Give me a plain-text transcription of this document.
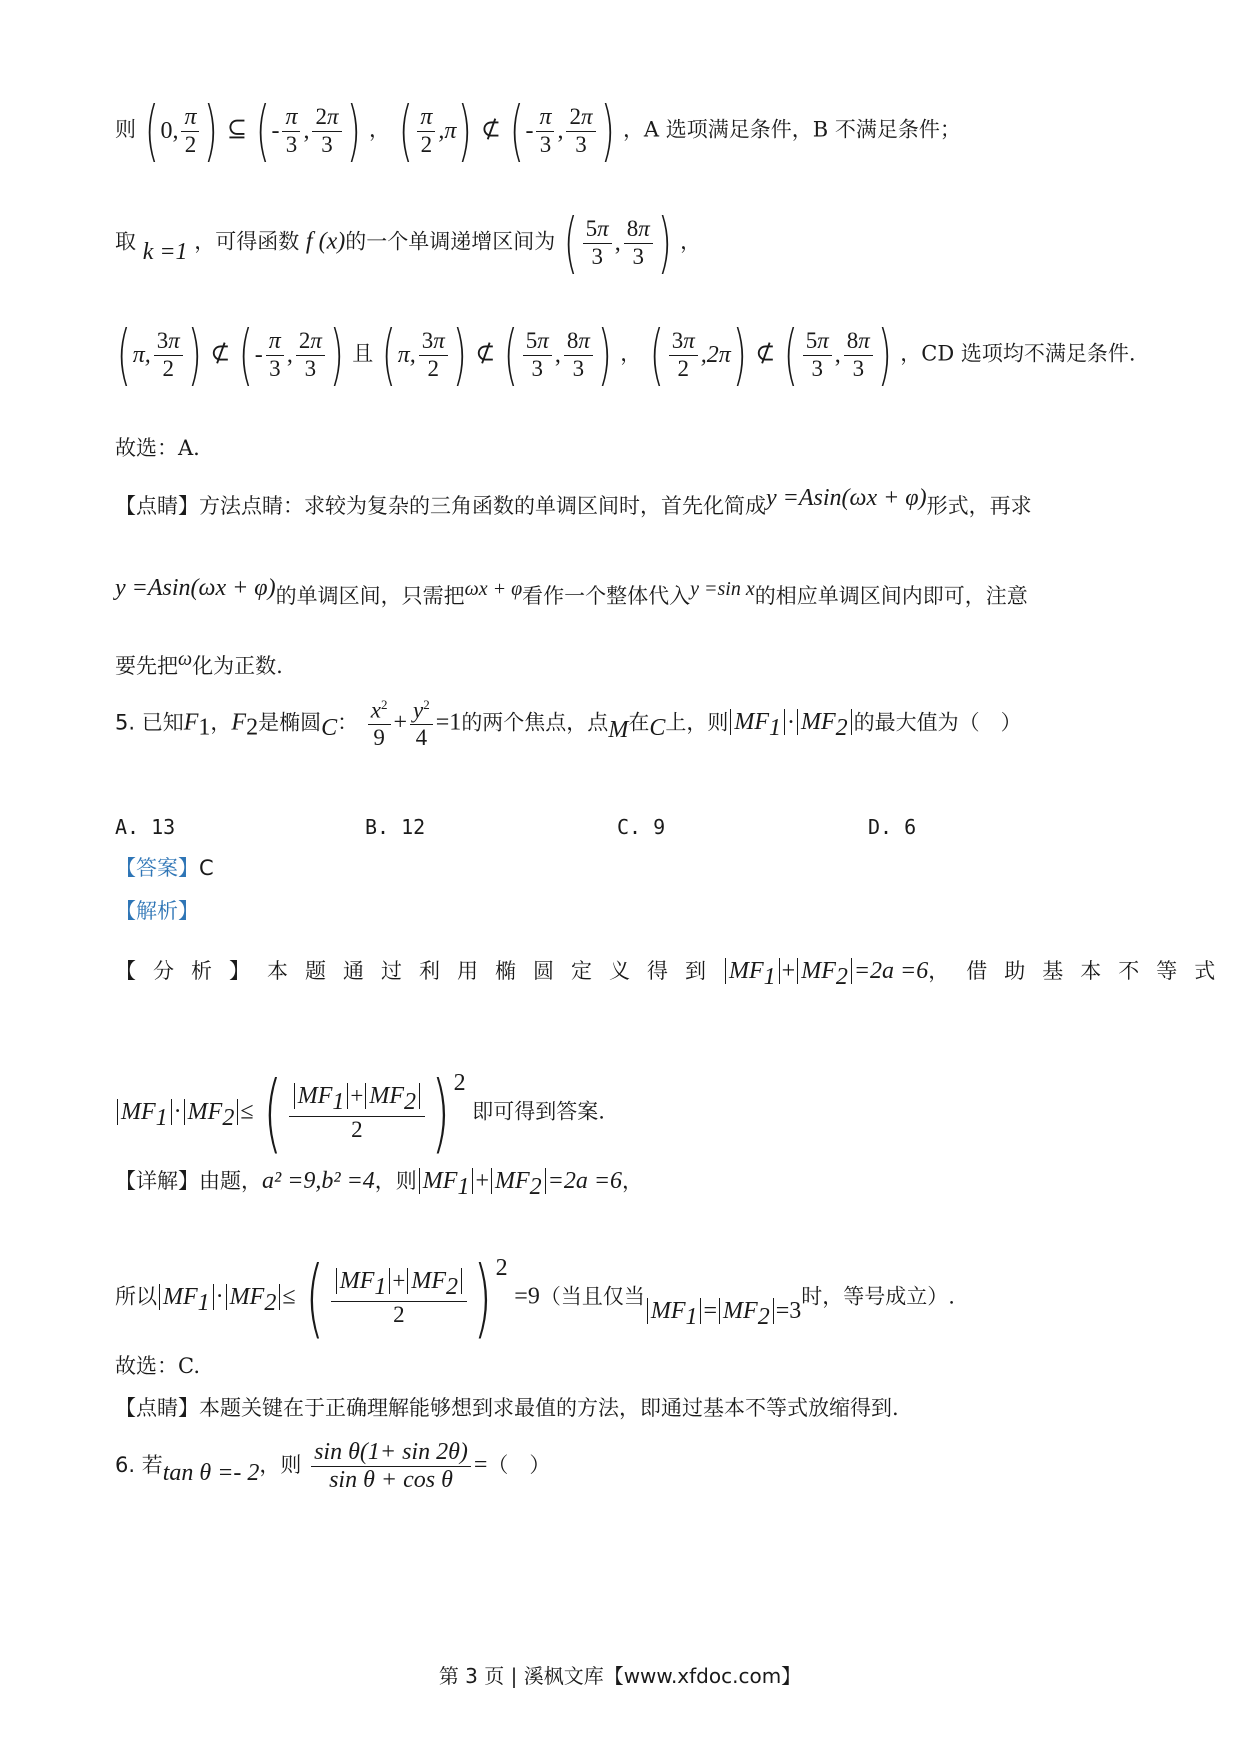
则 ( 0, $\frac{\pi}{2}$ ) ⊆ ( - $\frac{\pi}{3}$ , $\frac{2\pi}{3}$ ) ， ( $\frac{\pi}{2} ,\pi$ ) ⊄ ( - $\frac{\pi}{3}$ , $\frac{2\pi}{3}$ ) ，A 选项满足条件，B 不满足条件；
取 k =1 ，可得函数 f (x)的一个单调递增区间为 ( $\frac{5\pi}{3}$ , $\frac{8\pi}{3}$ ) ，
( π, $\frac{3\pi}{2}$ ) ⊄ ( - $\frac{\pi}{3}$ , $\frac{2\pi}{3}$ ) 且 ( π, $\frac{3\pi}{2}$ ) ⊄ ( $\frac{5\pi}{3}$ , $\frac{8\pi}{3}$ ) ， ( $\frac{3\pi}{2} ,2\pi$ ) ⊄ ( $\frac{5\pi}{3}$ , $\frac{8\pi}{3}$ ) ，CD 选项均不满足条件.
故选：A.
【点睛】方法点睛：求较为复杂的三角函数的单调区间时，首先化简成y =Asin(ωx + φ)形式，再求
y =Asin(ωx + φ)的单调区间，只需把ωx + φ看作一个整体代入y =sin x的相应单调区间内即可，注意
要先把ω化为正数.
5. 已知$F_1$，$F_2$是椭圆C： $\frac{x^2}{9} + \frac{y^2}{4} =1$的两个焦点，点M在C上，则 $MF_1 \cdot MF_2$ 的最大值为（　）
A. 13	B. 12	C. 9	D. 6
【答案】C
【解析】
【分析】本题通过利用椭圆定义得到 $MF_1 + MF_2 =2a =6$，借助基本不等式
$MF_1 \cdot MF_2$ ≤ ( $\frac{MF_1 + MF_2}{2} )^2$
即可得到答案.
【详解】由题，a² =9,b² =4，则 $MF_1 + MF_2 =2a =6$，
所以 $MF_1 \cdot MF_2$ ≤ ( $\frac{MF_1 + MF_2}{2} )^2$
=9（当且仅当$MF_1 = MF_2 =3$时，等号成立）.
故选：C.
【点睛】本题关键在于正确理解能够想到求最值的方法，即通过基本不等式放缩得到.
6. 若tan θ =- 2，则 $\frac{\text{sin θ(1+ sin 2θ)}}{\text{sin θ + cos θ}}$ =（　）
第 3 页 | 溪枫文库【www.xfdoc.com】
